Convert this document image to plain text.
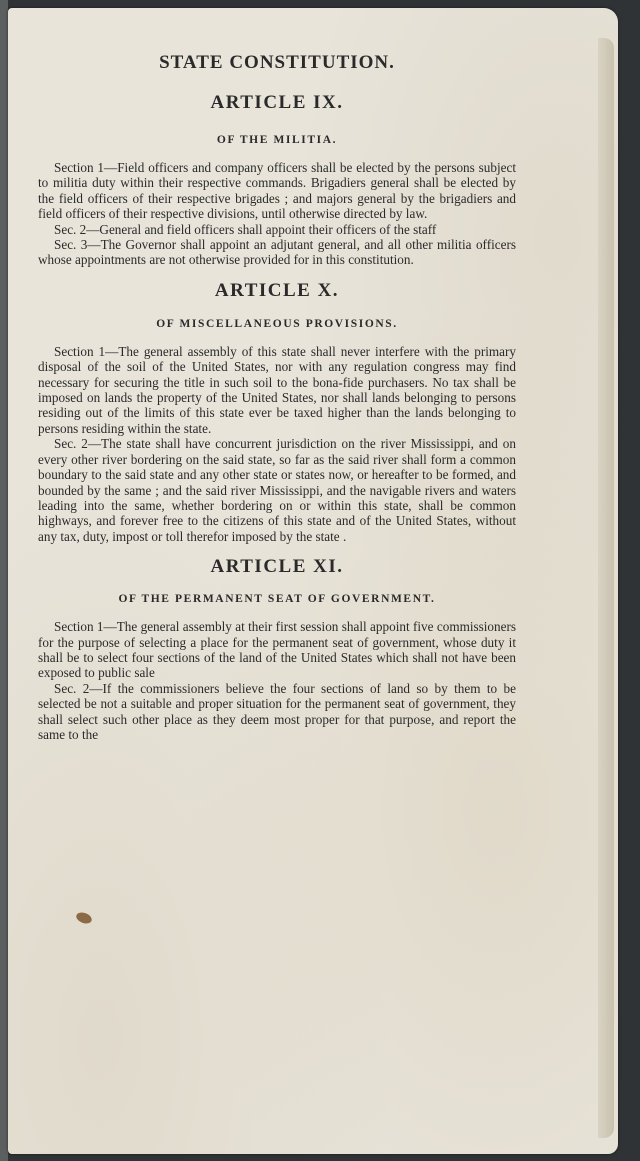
STATE CONSTITUTION.
ARTICLE IX.
OF THE MILITIA.

Section 1—Field officers and company officers shall be elected by the persons subject to militia duty within their respective commands. Brigadiers general shall be elected by the field officers of their respective brigades ; and majors general by the brigadiers and field officers of their respective divisions, until otherwise directed by law.

Sec. 2—General and field officers shall appoint their officers of the staff

Sec. 3—The Governor shall appoint an adjutant general, and all other militia officers whose appointments are not otherwise provided for in this constitution.

ARTICLE X.
OF MISCELLANEOUS PROVISIONS.

Section 1—The general assembly of this state shall never interfere with the primary disposal of the soil of the United States, nor with any regulation congress may find necessary for securing the title in such soil to the bona-fide purchasers. No tax shall be imposed on lands the property of the United States, nor shall lands belonging to persons residing out of the limits of this state ever be taxed higher than the lands belonging to persons residing within the state.

Sec. 2—The state shall have concurrent jurisdiction on the river Mississippi, and on every other river bordering on the said state, so far as the said river shall form a common boundary to the said state and any other state or states now, or hereafter to be formed, and bounded by the same ; and the said river Mississippi, and the navigable rivers and waters leading into the same, whether bordering on or within this state, shall be common highways, and forever free to the citizens of this state and of the United States, without any tax, duty, impost or toll therefor imposed by the state .

ARTICLE XI.
OF THE PERMANENT SEAT OF GOVERNMENT.

Section 1—The general assembly at their first session shall appoint five commissioners for the purpose of selecting a place for the permanent seat of government, whose duty it shall be to select four sections of the land of the United States which shall not have been exposed to public sale

Sec. 2—If the commissioners believe the four sections of land so by them to be selected be not a suitable and proper situation for the permanent seat of government, they shall select such other place as they deem most proper for that purpose, and report the same to the
